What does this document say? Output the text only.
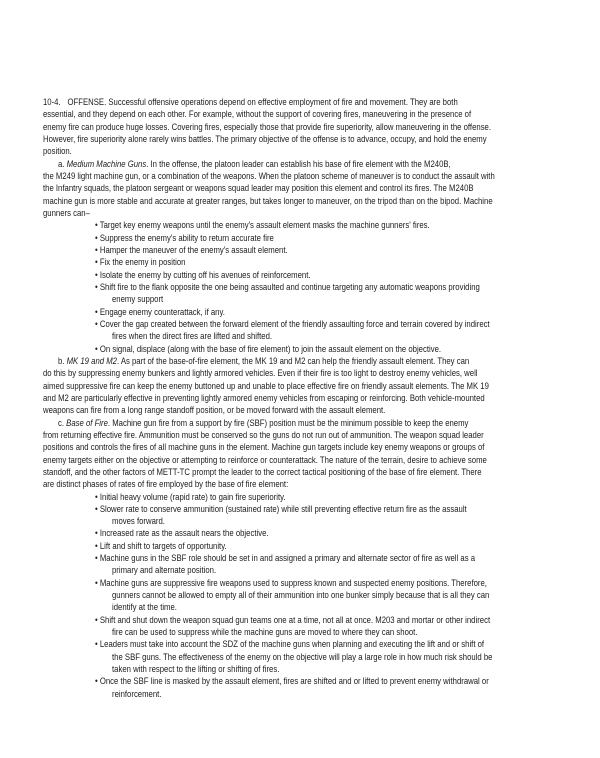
10-4. OFFENSE. Successful offensive operations depend on effective employment of fire and movement. They are both
essential, and they depend on each other. For example, without the support of covering fires, maneuvering in the presence of
enemy fire can produce huge losses. Covering fires, especially those that provide fire superiority, allow maneuvering in the offense.
However, fire superiority alone rarely wins battles. The primary objective of the offense is to advance, occupy, and hold the enemy
position.
a. Medium Machine Guns. In the offense, the platoon leader can establish his base of fire element with the M240B,
the M249 light machine gun, or a combination of the weapons. When the platoon scheme of maneuver is to conduct the assault with
the Infantry squads, the platoon sergeant or weapons squad leader may position this element and control its fires. The M240B
machine gun is more stable and accurate at greater ranges, but takes longer to maneuver, on the tripod than on the bipod. Machine
gunners can–
• Target key enemy weapons until the enemy's assault element masks the machine gunners' fires.
• Suppress the enemy's ability to return accurate fire
• Hamper the maneuver of the enemy's assault element.
• Fix the enemy in position
• Isolate the enemy by cutting off his avenues of reinforcement.
• Shift fire to the flank opposite the one being assaulted and continue targeting any automatic weapons providing
enemy support
• Engage enemy counterattack, if any.
• Cover the gap created between the forward element of the friendly assaulting force and terrain covered by indirect
fires when the direct fires are lifted and shifted.
• On signal, displace (along with the base of fire element) to join the assault element on the objective.
b. MK 19 and M2. As part of the base-of-fire element, the MK 19 and M2 can help the friendly assault element. They can
do this by suppressing enemy bunkers and lightly armored vehicles. Even if their fire is too light to destroy enemy vehicles, well
aimed suppressive fire can keep the enemy buttoned up and unable to place effective fire on friendly assault elements. The MK 19
and M2 are particularly effective in preventing lightly armored enemy vehicles from escaping or reinforcing. Both vehicle-mounted
weapons can fire from a long range standoff position, or be moved forward with the assault element.
c. Base of Fire. Machine gun fire from a support by fire (SBF) position must be the minimum possible to keep the enemy
from returning effective fire. Ammunition must be conserved so the guns do not run out of ammunition. The weapon squad leader
positions and controls the fires of all machine guns in the element. Machine gun targets include key enemy weapons or groups of
enemy targets either on the objective or attempting to reinforce or counterattack. The nature of the terrain, desire to achieve some
standoff, and the other factors of METT-TC prompt the leader to the correct tactical positioning of the base of fire element. There
are distinct phases of rates of fire employed by the base of fire element:
• Initial heavy volume (rapid rate) to gain fire superiority.
• Slower rate to conserve ammunition (sustained rate) while still preventing effective return fire as the assault
moves forward.
• Increased rate as the assault nears the objective.
• Lift and shift to targets of opportunity.
• Machine guns in the SBF role should be set in and assigned a primary and alternate sector of fire as well as a
primary and alternate position.
• Machine guns are suppressive fire weapons used to suppress known and suspected enemy positions. Therefore,
gunners cannot be allowed to empty all of their ammunition into one bunker simply because that is all they can
identify at the time.
• Shift and shut down the weapon squad gun teams one at a time, not all at once. M203 and mortar or other indirect
fire can be used to suppress while the machine guns are moved to where they can shoot.
• Leaders must take into account the SDZ of the machine guns when planning and executing the lift and or shift of
the SBF guns. The effectiveness of the enemy on the objective will play a large role in how much risk should be
taken with respect to the lifting or shifting of fires.
• Once the SBF line is masked by the assault element, fires are shifted and or lifted to prevent enemy withdrawal or
reinforcement.
